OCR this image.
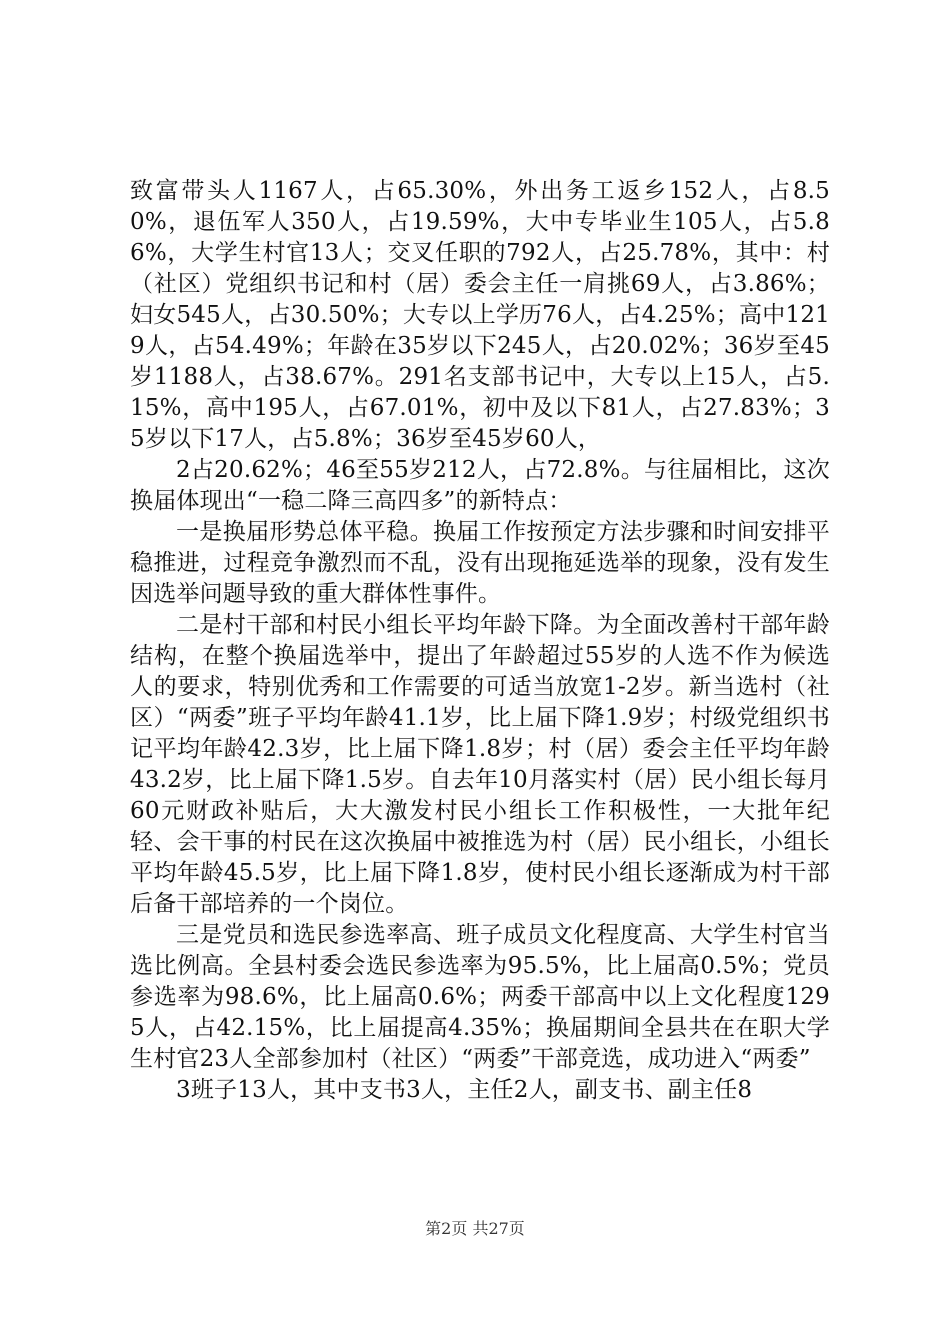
致富带头人1167人，占65.30%，外出务工返乡152人，占8.50%，退伍军人350人，占19.59%，大中专毕业生105人，占5.86%，大学生村官13人；交叉任职的792人，占25.78%，其中：村（社区）党组织书记和村（居）委会主任一肩挑69人，占3.86%；妇女545人，占30.50%；大专以上学历76人，占4.25%；高中1219人，占54.49%；年龄在35岁以下245人，占20.02%；36岁至45岁1188人，占38.67%。291名支部书记中，大专以上15人，占5.15%，高中195人，占67.01%，初中及以下81人，占27.83%；35岁以下17人，占5.8%；36岁至45岁60人，

2占20.62%；46至55岁212人，占72.8%。与往届相比，这次换届体现出“一稳二降三高四多”的新特点：

一是换届形势总体平稳。换届工作按预定方法步骤和时间安排平稳推进，过程竞争激烈而不乱，没有出现拖延选举的现象，没有发生因选举问题导致的重大群体性事件。

二是村干部和村民小组长平均年龄下降。为全面改善村干部年龄结构，在整个换届选举中，提出了年龄超过55岁的人选不作为候选人的要求，特别优秀和工作需要的可适当放宽1-2岁。新当选村（社区）“两委”班子平均年龄41.1岁，比上届下降1.9岁；村级党组织书记平均年龄42.3岁，比上届下降1.8岁；村（居）委会主任平均年龄43.2岁，比上届下降1.5岁。自去年10月落实村（居）民小组长每月60元财政补贴后，大大激发村民小组长工作积极性，一大批年纪轻、会干事的村民在这次换届中被推选为村（居）民小组长，小组长平均年龄45.5岁，比上届下降1.8岁，使村民小组长逐渐成为村干部后备干部培养的一个岗位。

三是党员和选民参选率高、班子成员文化程度高、大学生村官当选比例高。全县村委会选民参选率为95.5%，比上届高0.5%；党员参选率为98.6%，比上届高0.6%；两委干部高中以上文化程度1295人，占42.15%，比上届提高4.35%；换届期间全县共在在职大学生村官23人全部参加村（社区）“两委”干部竞选，成功进入“两委”

3班子13人，其中支书3人，主任2人，副支书、副主任8

第2页 共27页
